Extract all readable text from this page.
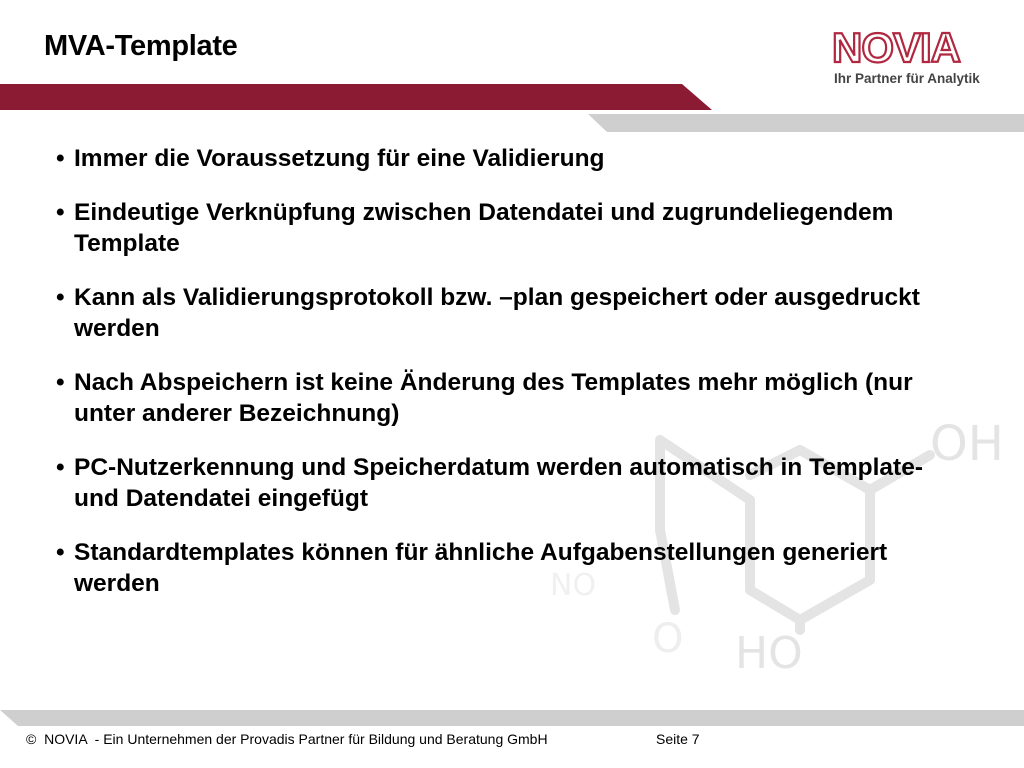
MVA-Template	NOVIA
Ihr Partner für Analytik
OH
HO
O
NO
• Immer die Voraussetzung für eine Validierung
• Eindeutige Verknüpfung zwischen Datendatei und zugrundeliegendem Template
• Kann als Validierungsprotokoll bzw. –plan gespeichert oder ausgedruckt werden
• Nach Abspeichern ist keine Änderung des Templates mehr möglich (nur unter anderer Bezeichnung)
• PC-Nutzerkennung und Speicherdatum werden automatisch in Template- und Datendatei eingefügt
• Standardtemplates können für ähnliche Aufgabenstellungen generiert werden
©  NOVIA  - Ein Unternehmen der Provadis Partner für Bildung und Beratung GmbH	Seite 7
